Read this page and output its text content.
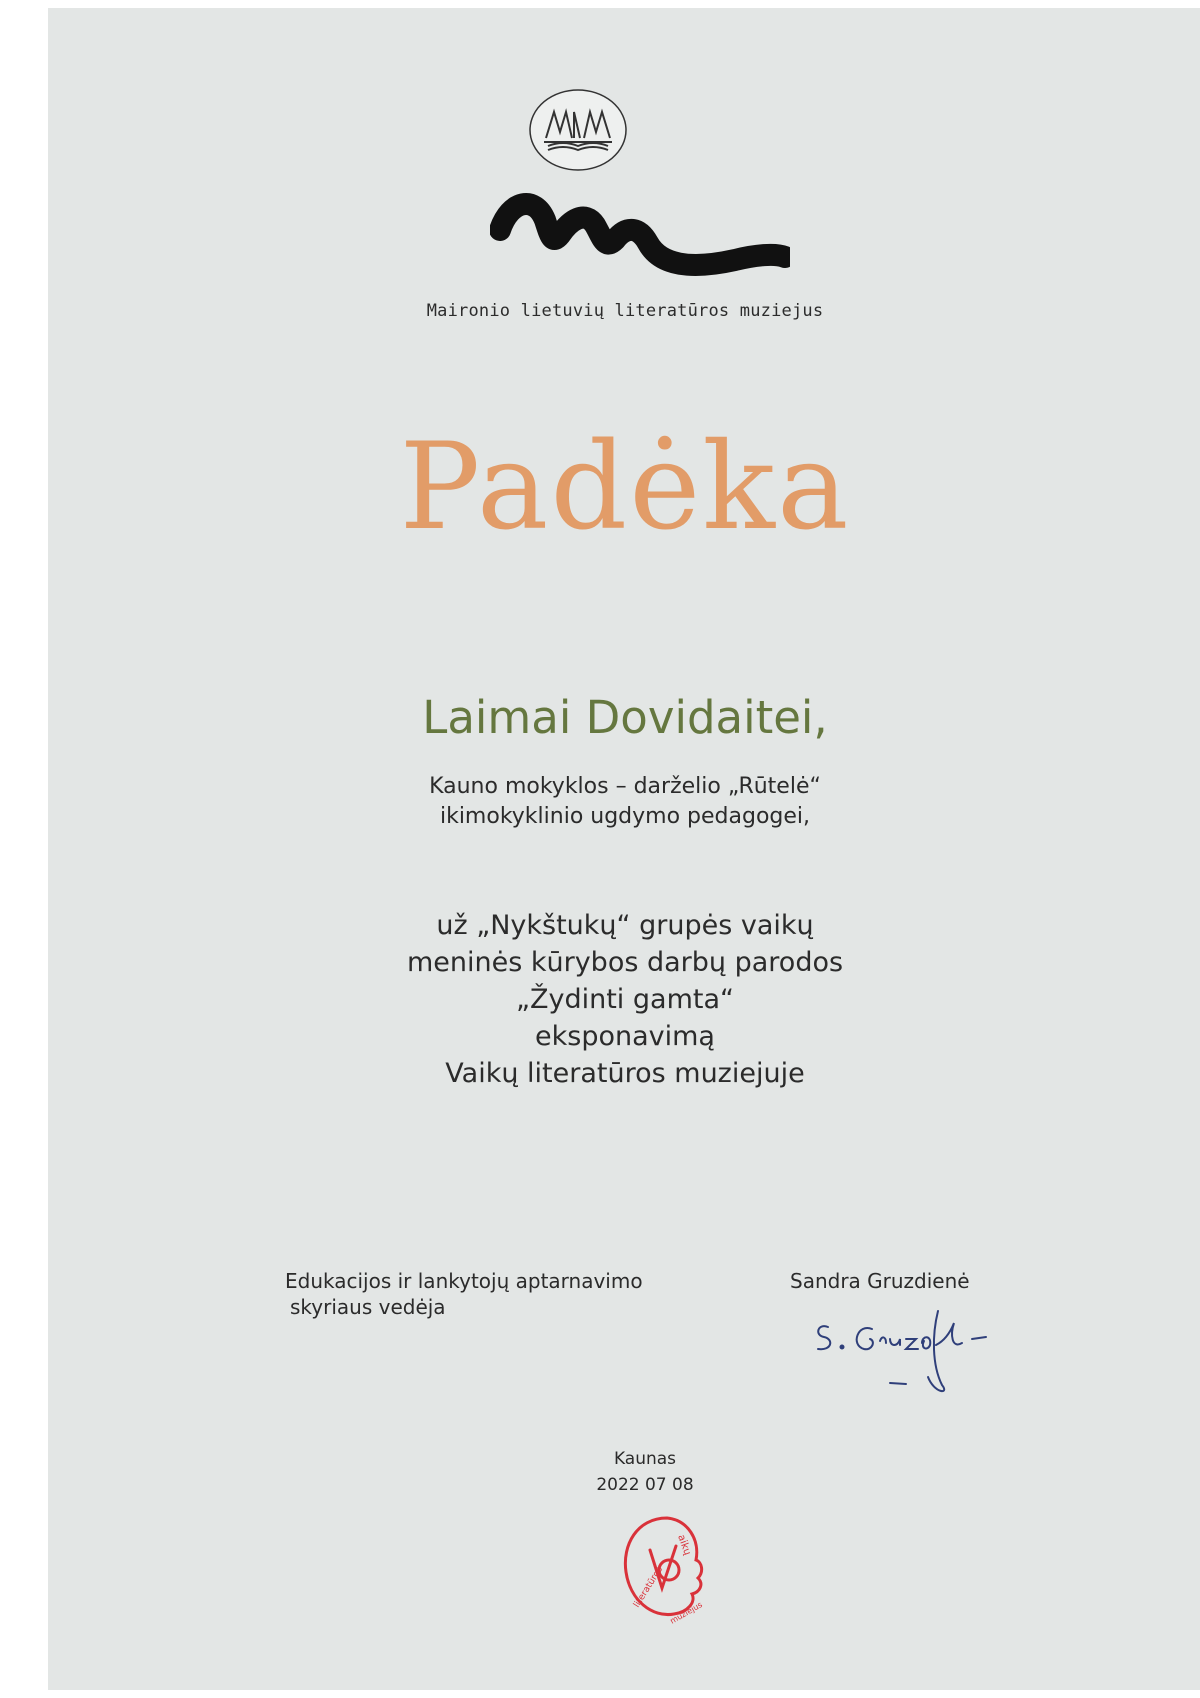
Maironio lietuvių literatūros muziejus
Padėka
Laimai Dovidaitei,
Kauno mokyklos – darželio „Rūtelė“
ikimokyklinio ugdymo pedagogei,
už „Nykštukų“ grupės vaikų
meninės kūrybos darbų parodos
„Žydinti gamta“
eksponavimą
Vaikų literatūros muziejuje
Edukacijos ir lankytojų aptarnavimo
skyriaus vedėja
Sandra Gruzdienė
Kaunas
2022 07 08
literatūros
muziejus
aikų
